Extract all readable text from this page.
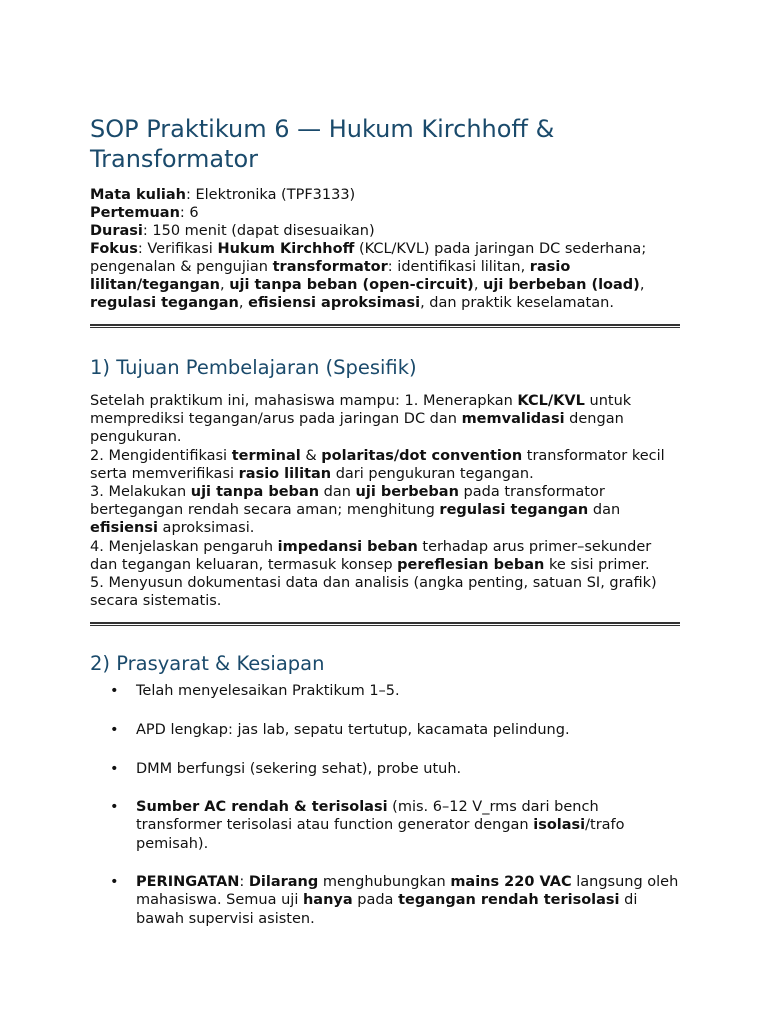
SOP Praktikum 6 — Hukum Kirchhoff & Transformator

Mata kuliah: Elektronika (TPF3133)

Pertemuan: 6

Durasi: 150 menit (dapat disesuaikan)

Fokus: Verifikasi Hukum Kirchhoff (KCL/KVL) pada jaringan DC sederhana; pengenalan & pengujian transformator: identifikasi lilitan, rasio lilitan/tegangan, uji tanpa beban (open-circuit), uji berbeban (load), regulasi tegangan, efisiensi aproksimasi, dan praktik keselamatan.

1) Tujuan Pembelajaran (Spesifik)
Setelah praktikum ini, mahasiswa mampu: 1. Menerapkan KCL/KVL untuk memprediksi tegangan/arus pada jaringan DC dan memvalidasi dengan pengukuran.
2. Mengidentifikasi terminal & polaritas/dot convention transformator kecil serta memverifikasi rasio lilitan dari pengukuran tegangan.
3. Melakukan uji tanpa beban dan uji berbeban pada transformator bertegangan rendah secara aman; menghitung regulasi tegangan dan efisiensi aproksimasi.
4. Menjelaskan pengaruh impedansi beban terhadap arus primer–sekunder dan tegangan keluaran, termasuk konsep pereflesian beban ke sisi primer.
5. Menyusun dokumentasi data dan analisis (angka penting, satuan SI, grafik) secara sistematis.
2) Prasyarat & Kesiapan
• Telah menyelesaikan Praktikum 1–5.
• APD lengkap: jas lab, sepatu tertutup, kacamata pelindung.
• DMM berfungsi (sekering sehat), probe utuh.
• Sumber AC rendah & terisolasi (mis. 6–12 V_rms dari bench transformer terisolasi atau function generator dengan isolasi/trafo pemisah).
• PERINGATAN: Dilarang menghubungkan mains 220 VAC langsung oleh mahasiswa. Semua uji hanya pada tegangan rendah terisolasi di bawah supervisi asisten.
